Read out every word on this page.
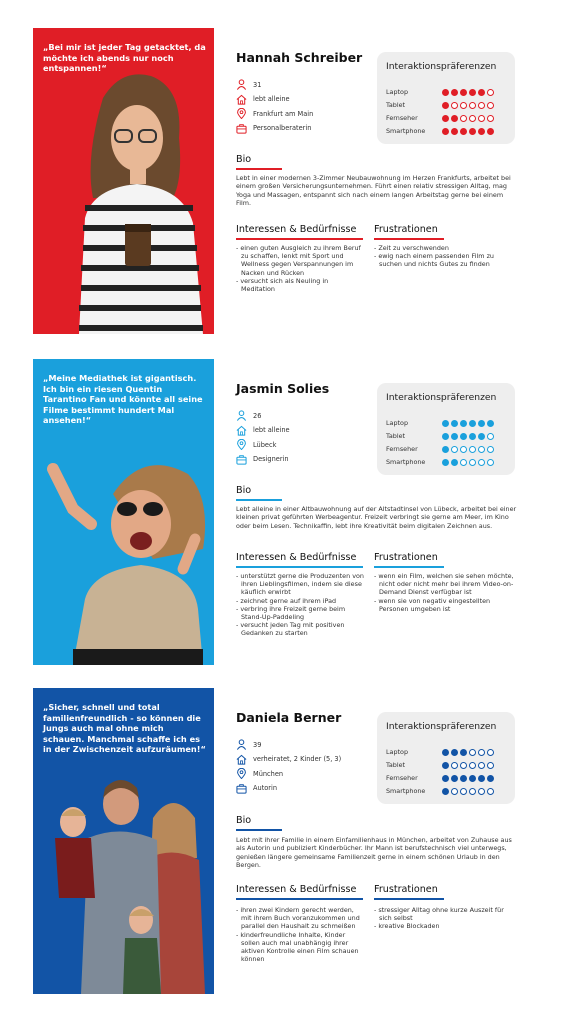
„Bei mir ist jeder Tag getacktet, da möchte ich abends nur noch entspannen!“
Hannah Schreiber
31
lebt alleine
Frankfurt am Main
Personalberaterin
Interaktionspräferenzen
Laptop
Tablet
Fernseher
Smartphone
Bio
Lebt in einer modernen 3-Zimmer Neubauwohnung im Herzen Frankfurts, arbeitet bei einem großen Versicherungsunternehmen. Führt einen relativ stressigen Alltag, mag Yoga und Massagen, entspannt sich nach einem langen Arbeitstag gerne bei einem Film.
Interessen & Bedürfnisse
- einen guten Ausgleich zu ihrem Beruf zu schaffen, lenkt mit Sport und Wellness gegen Verspannungen im Nacken und Rücken
- versucht sich als Neuling in Meditation
Frustrationen
- Zeit zu verschwenden
- ewig nach einem passenden Film zu suchen und nichts Gutes zu finden
„Meine Mediathek ist gigantisch. Ich bin ein riesen Quentin Tarantino Fan und könnte all seine Filme bestimmt hundert Mal ansehen!“
Jasmin Solies
26
lebt alleine
Lübeck
Designerin
Interaktionspräferenzen
Laptop
Tablet
Fernseher
Smartphone
Bio
Lebt alleine in einer Altbauwohnung auf der Altstadtinsel von Lübeck, arbeitet bei einer kleinen privat geführten Werbeagentur. Freizeit verbringt sie gerne am Meer, im Kino oder beim Lesen. Technikaffin, lebt ihre Kreativität beim digitalen Zeichnen aus.
Interessen & Bedürfnisse
- unterstützt gerne die Produzenten von ihren Lieblingsfilmen, indem sie diese käuflich erwirbt
- zeichnet gerne auf ihrem iPad
- verbring ihre Freizeit gerne beim Stand-Up-Paddeling
- versucht jeden Tag mit positiven Gedanken zu starten
Frustrationen
- wenn ein Film, welchen sie sehen möchte, nicht oder nicht mehr bei ihrem Video-on-Demand Dienst verfügbar ist
- wenn sie von negativ eingestellten Personen umgeben ist
„Sicher, schnell und total familienfreundlich - so können die Jungs auch mal ohne mich schauen. Manchmal schaffe ich es in der Zwischenzeit aufzuräumen!“
Daniela Berner
39
verheiratet, 2 Kinder (5, 3)
München
Autorin
Interaktionspräferenzen
Laptop
Tablet
Fernseher
Smartphone
Bio
Lebt mit ihrer Familie in einem Einfamilienhaus in München, arbeitet von Zuhause aus als Autorin und publiziert Kinderbücher. Ihr Mann ist berufstechnisch viel unterwegs, genießen längere gemeinsame Familienzeit gerne in einem schönen Urlaub in den Bergen.
Interessen & Bedürfnisse
- ihren zwei Kindern gerecht werden, mit ihrem Buch voranzukommen und parallel den Haushalt zu schmeißen
- kinderfreundliche Inhalte, Kinder sollen auch mal unabhängig ihrer aktiven Kontrolle einen Film schauen können
Frustrationen
- stressiger Alltag ohne kurze Auszeit für sich selbst
- kreative Blockaden
